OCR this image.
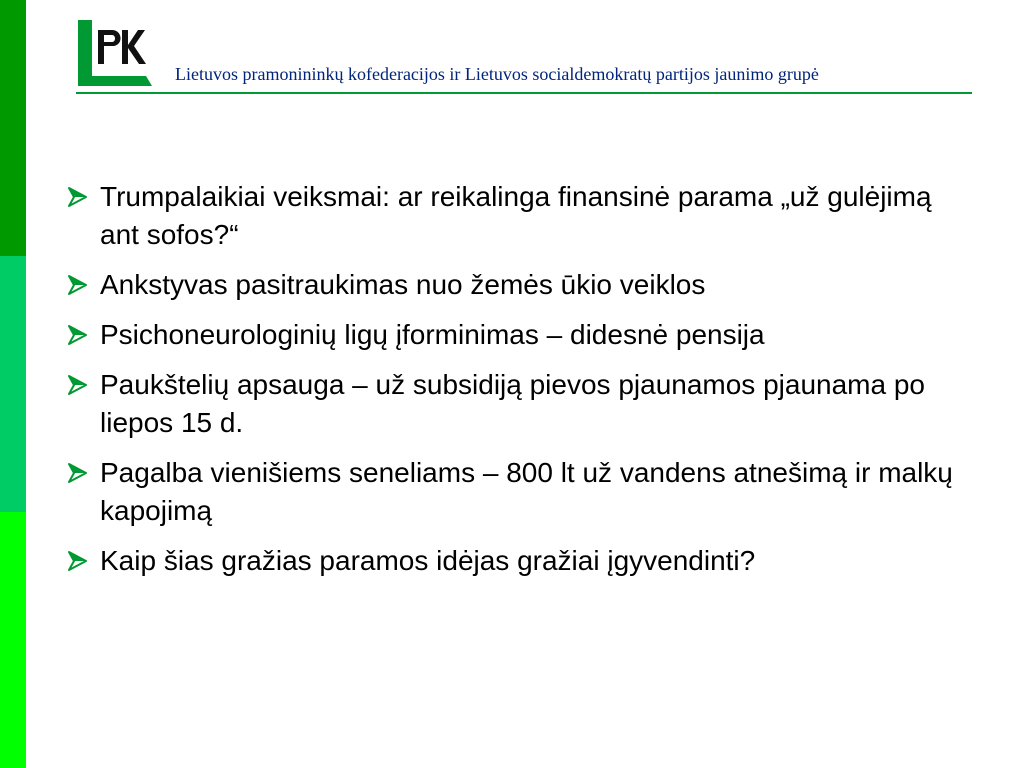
Lietuvos pramonininkų kofederacijos ir Lietuvos socialdemokratų partijos jaunimo grupė
Trumpalaikiai veiksmai: ar reikalinga finansinė parama „už gulėjimą ant sofos?“
Ankstyvas pasitraukimas nuo žemės ūkio veiklos
Psichoneurologinių ligų įforminimas – didesnė pensija
Paukštelių apsauga – už subsidiją pievos pjaunamos pjaunama po liepos 15 d.
Pagalba vienišiems seneliams – 800 lt už vandens atnešimą ir malkų kapojimą
Kaip šias gražias paramos idėjas gražiai įgyvendinti?
